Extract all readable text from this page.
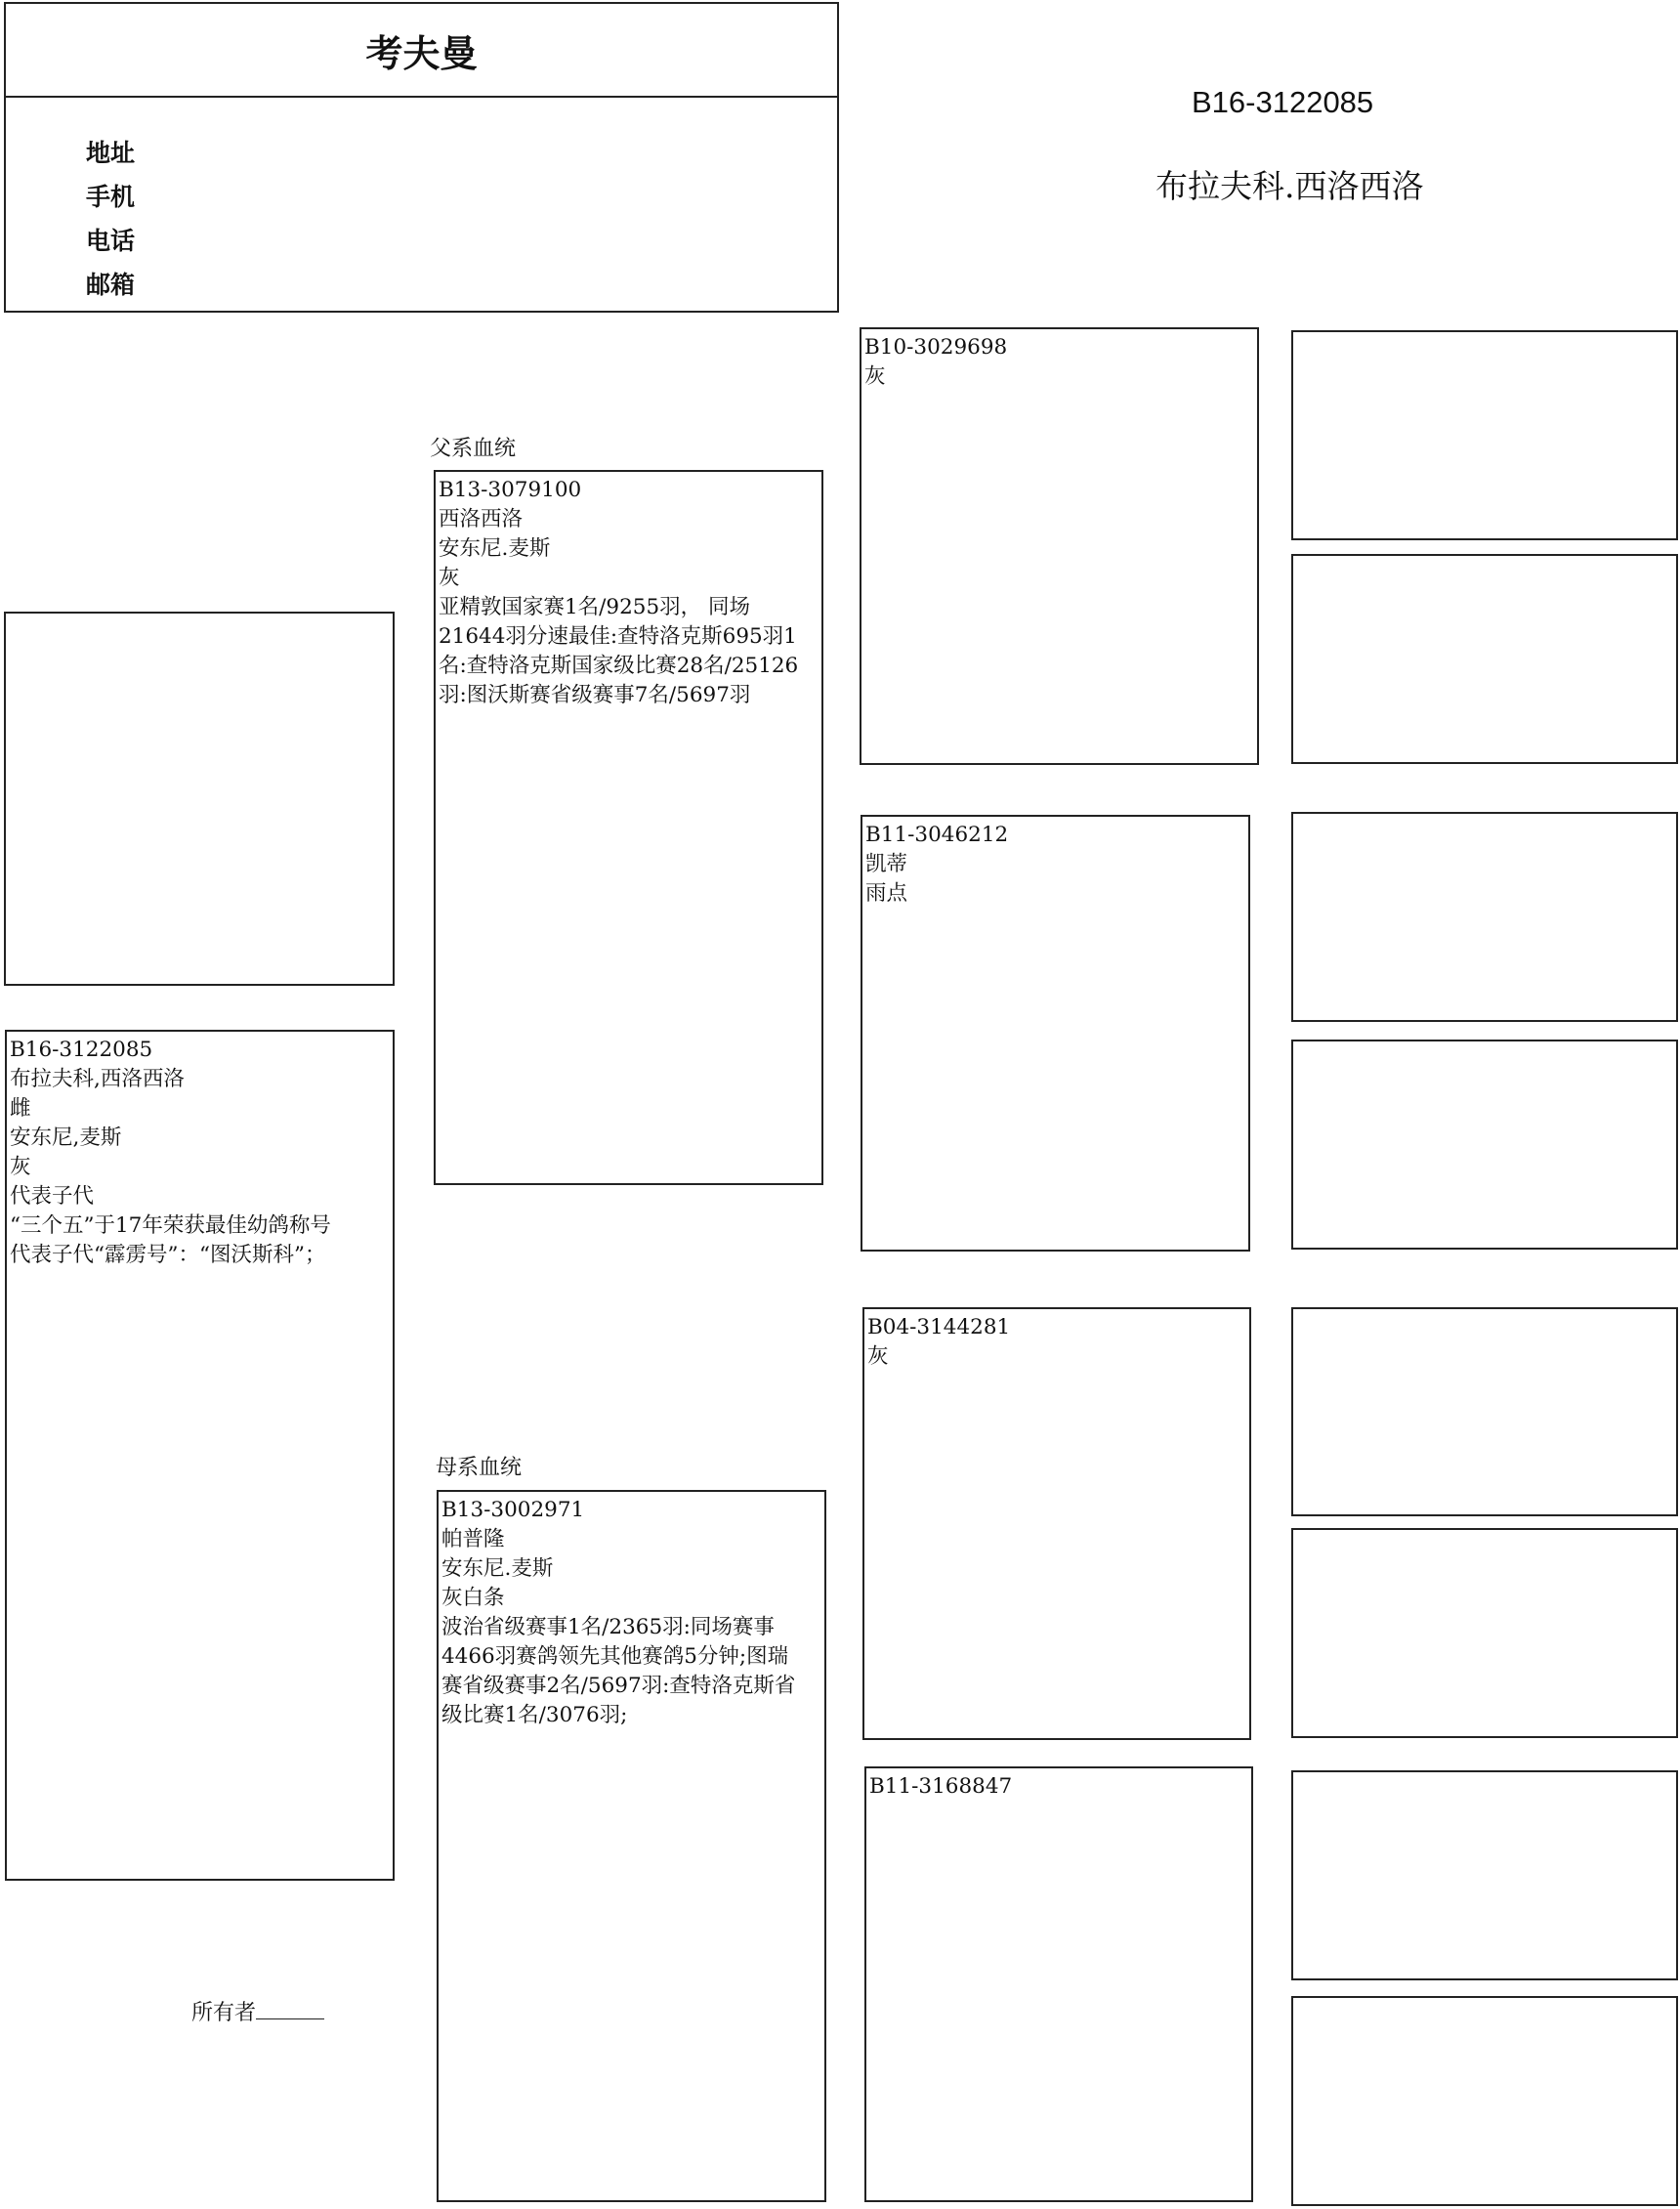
考夫曼
地址
手机
电话
邮箱
B16-3122085
布拉夫科.西洛西洛
B16-3122085
布拉夫科,西洛西洛
雌
安东尼,麦斯
灰
代表子代
“三个五”于17年荣获最佳幼鸽称号
代表子代“霹雳号”：“图沃斯科”；
父系血统
B13-3079100
西洛西洛
安东尼.麦斯
灰
亚精敦国家赛1名/9255羽， 同场21644羽分速最佳:查特洛克斯695羽1名:查特洛克斯国家级比赛28名/25126羽:图沃斯赛省级赛事7名/5697羽
母系血统
B13-3002971
帕普隆
安东尼.麦斯
灰白条
波治省级赛事1名/2365羽:同场赛事4466羽赛鸽领先其他赛鸽5分钟;图瑞赛省级赛事2名/5697羽:查特洛克斯省级比赛1名/3076羽;
B10-3029698
灰
B11-3046212
凯蒂
雨点
B04-3144281
灰
B11-3168847
所有者
